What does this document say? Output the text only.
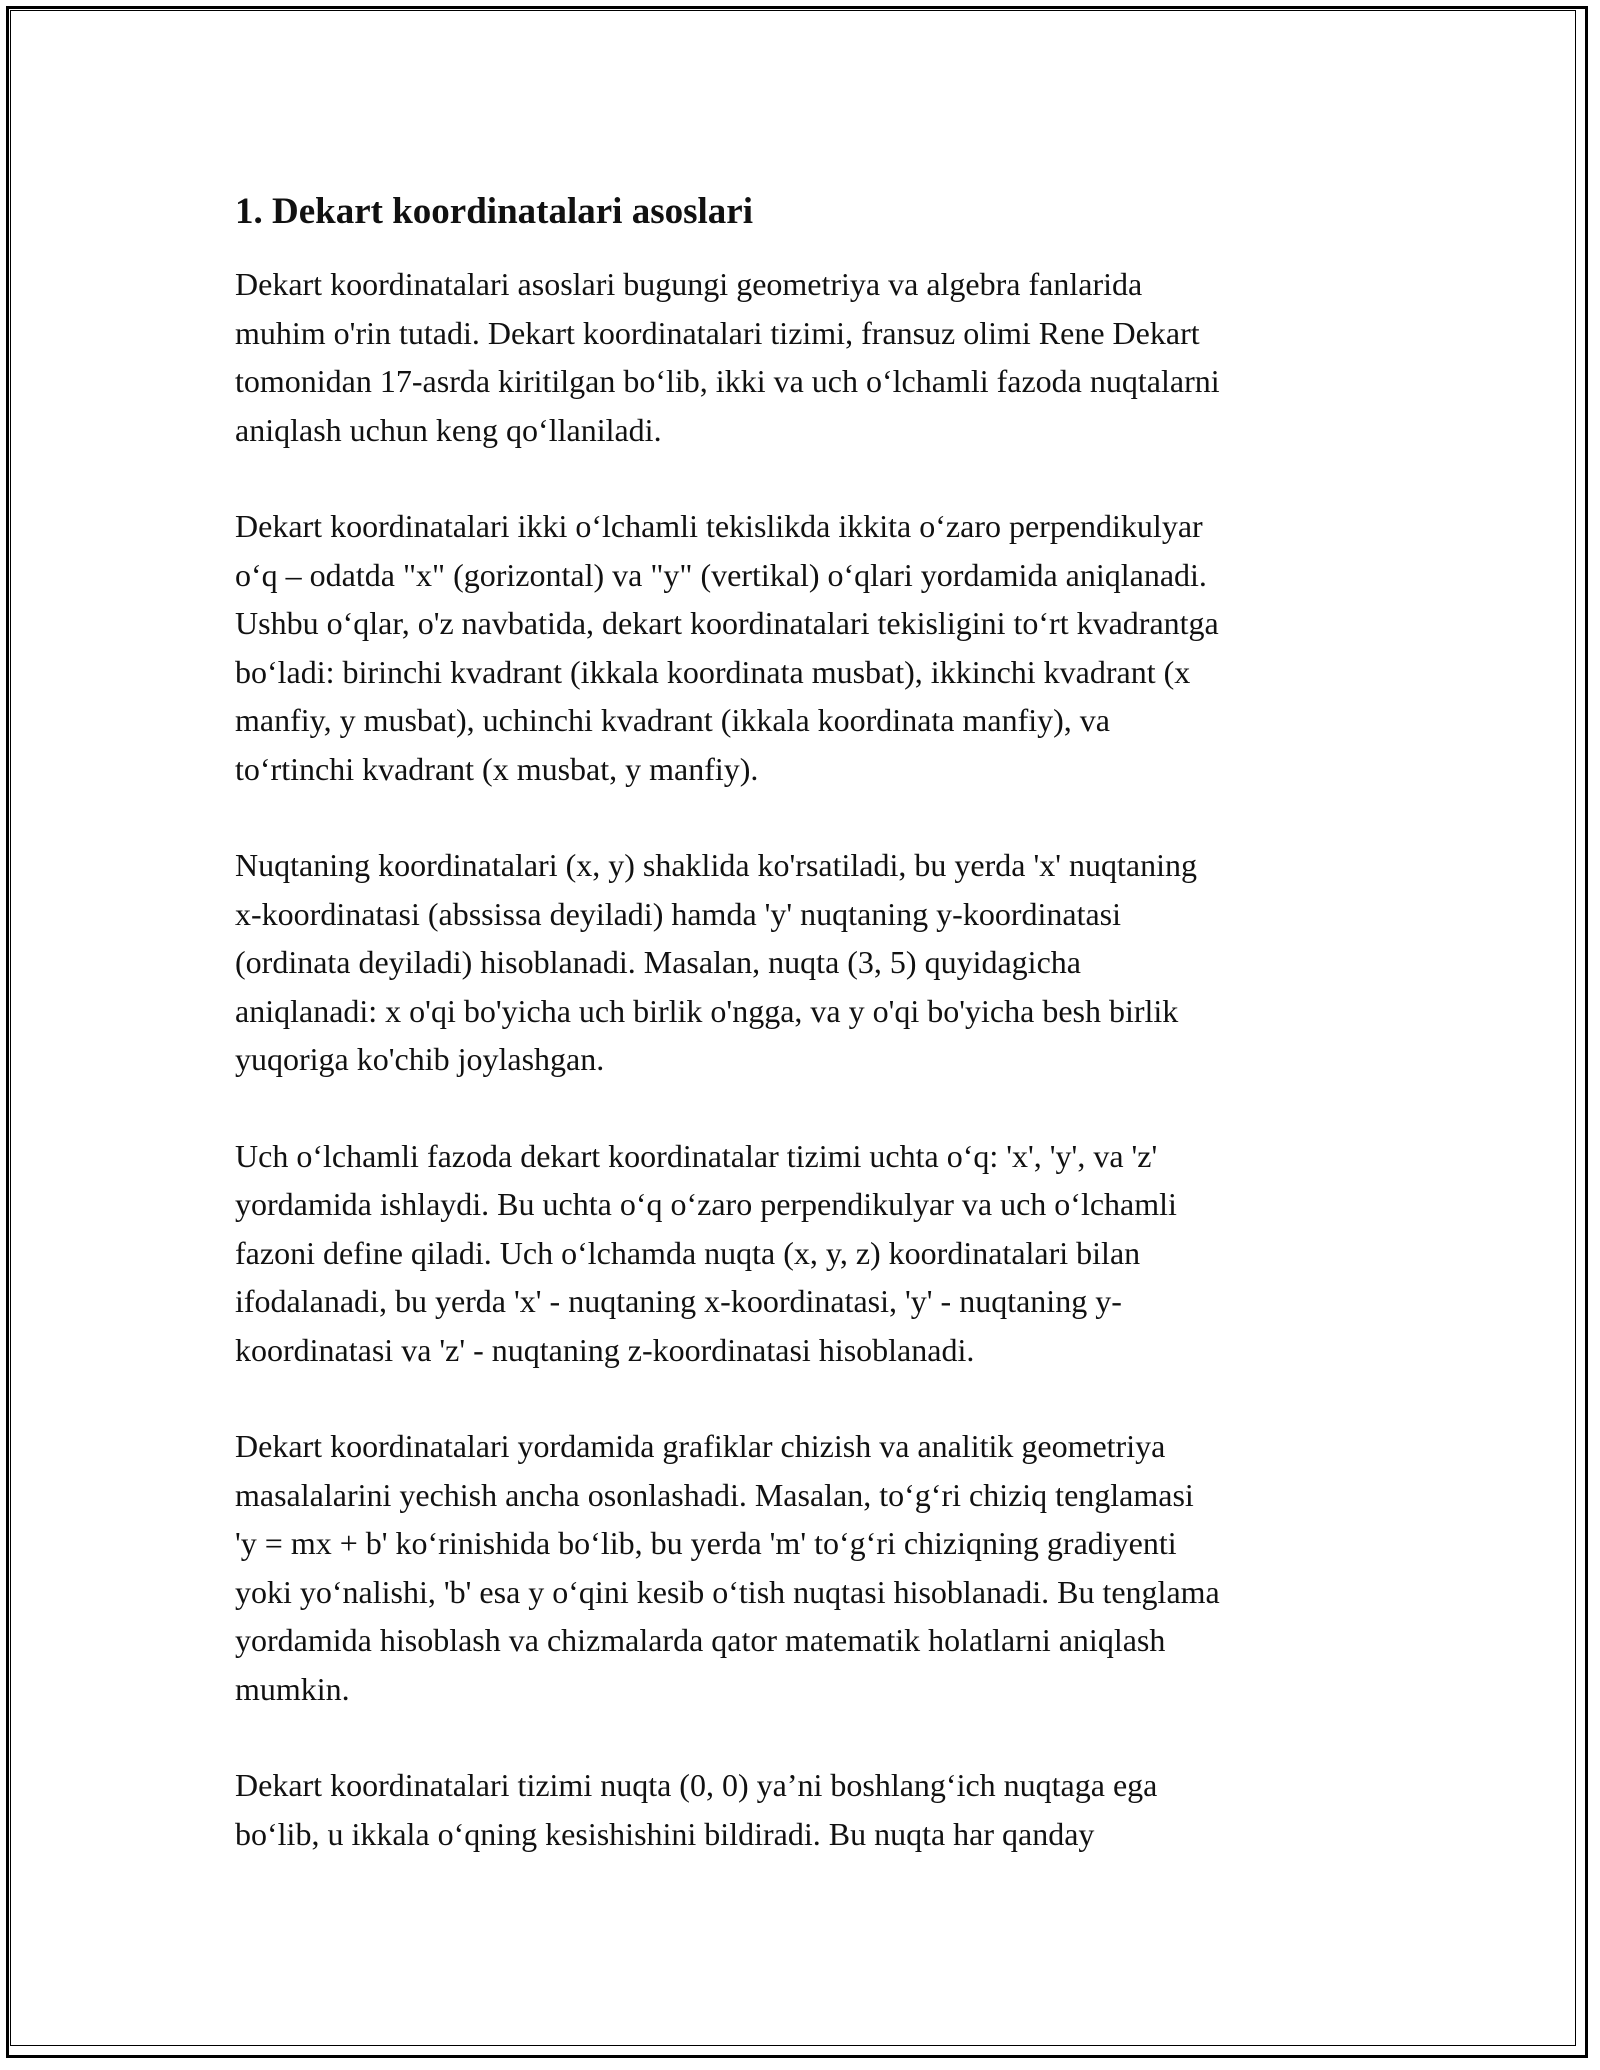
1. Dekart koordinatalari asoslari

Dekart koordinatalari asoslari bugungi geometriya va algebra fanlarida
muhim o'rin tutadi. Dekart koordinatalari tizimi, fransuz olimi Rene Dekart
tomonidan 17-asrda kiritilgan bo‘lib, ikki va uch o‘lchamli fazoda nuqtalarni
aniqlash uchun keng qo‘llaniladi.

Dekart koordinatalari ikki o‘lchamli tekislikda ikkita o‘zaro perpendikulyar
o‘q – odatda "x" (gorizontal) va "y" (vertikal) o‘qlari yordamida aniqlanadi.
Ushbu o‘qlar, o'z navbatida, dekart koordinatalari tekisligini to‘rt kvadrantga
bo‘ladi: birinchi kvadrant (ikkala koordinata musbat), ikkinchi kvadrant (x
manfiy, y musbat), uchinchi kvadrant (ikkala koordinata manfiy), va
to‘rtinchi kvadrant (x musbat, y manfiy).

Nuqtaning koordinatalari (x, y) shaklida ko'rsatiladi, bu yerda 'x' nuqtaning
x-koordinatasi (abssissa deyiladi) hamda 'y' nuqtaning y-koordinatasi
(ordinata deyiladi) hisoblanadi. Masalan, nuqta (3, 5) quyidagicha
aniqlanadi: x o'qi bo'yicha uch birlik o'ngga, va y o'qi bo'yicha besh birlik
yuqoriga ko'chib joylashgan.

Uch o‘lchamli fazoda dekart koordinatalar tizimi uchta o‘q: 'x', 'y', va 'z'
yordamida ishlaydi. Bu uchta o‘q o‘zaro perpendikulyar va uch o‘lchamli
fazoni define qiladi. Uch o‘lchamda nuqta (x, y, z) koordinatalari bilan
ifodalanadi, bu yerda 'x' - nuqtaning x-koordinatasi, 'y' - nuqtaning y-
koordinatasi va 'z' - nuqtaning z-koordinatasi hisoblanadi.

Dekart koordinatalari yordamida grafiklar chizish va analitik geometriya
masalalarini yechish ancha osonlashadi. Masalan, to‘g‘ri chiziq tenglamasi
'y = mx + b' ko‘rinishida bo‘lib, bu yerda 'm' to‘g‘ri chiziqning gradiyenti
yoki yo‘nalishi, 'b' esa y o‘qini kesib o‘tish nuqtasi hisoblanadi. Bu tenglama
yordamida hisoblash va chizmalarda qator matematik holatlarni aniqlash
mumkin.

Dekart koordinatalari tizimi nuqta (0, 0) ya’ni boshlang‘ich nuqtaga ega
bo‘lib, u ikkala o‘qning kesishishini bildiradi. Bu nuqta har qanday
